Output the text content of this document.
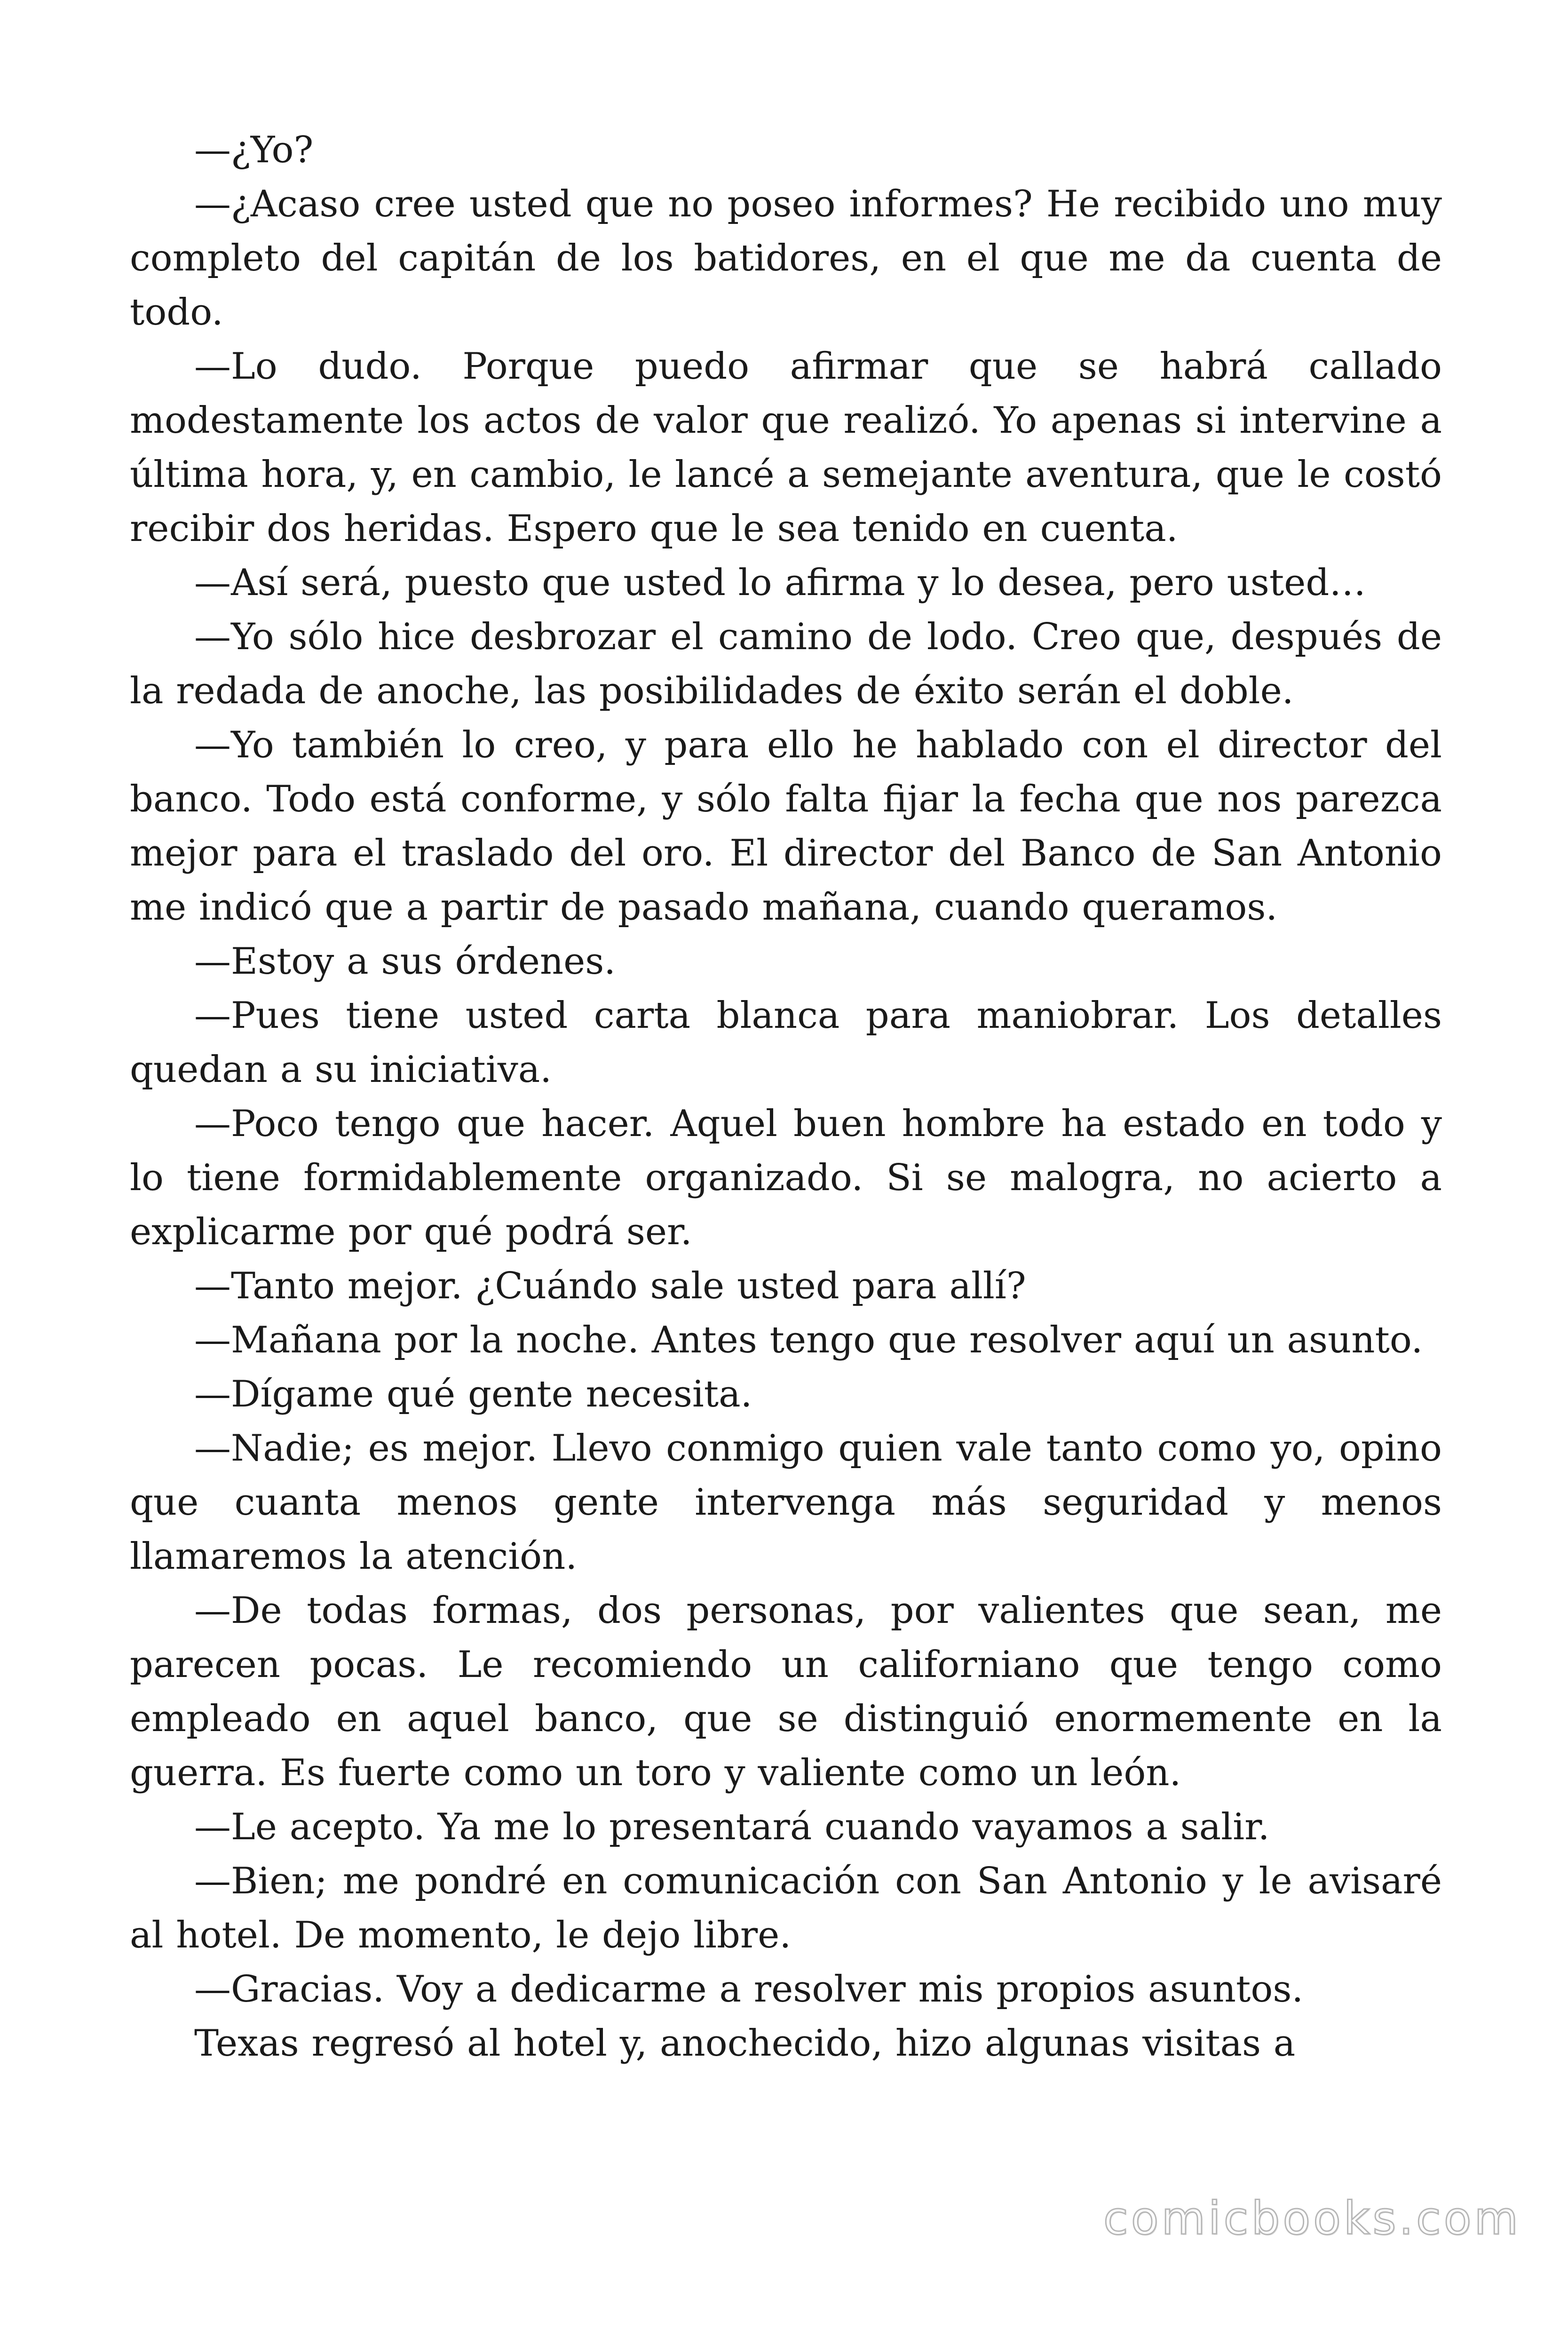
—¿Yo?

—¿Acaso cree usted que no poseo informes? He recibido uno muy completo del capitán de los batidores, en el que me da cuenta de todo.

—Lo dudo. Porque puedo afirmar que se habrá callado modestamente los actos de valor que realizó. Yo apenas si intervine a última hora, y, en cambio, le lancé a semejante aventura, que le costó recibir dos heridas. Espero que le sea tenido en cuenta.

—Así será, puesto que usted lo afirma y lo desea, pero usted…

—Yo sólo hice desbrozar el camino de lodo. Creo que, después de la redada de anoche, las posibilidades de éxito serán el doble.

—Yo también lo creo, y para ello he hablado con el director del banco. Todo está conforme, y sólo falta fijar la fecha que nos parezca mejor para el traslado del oro. El director del Banco de San Antonio me indicó que a partir de pasado mañana, cuando queramos.

—Estoy a sus órdenes.

—Pues tiene usted carta blanca para maniobrar. Los detalles quedan a su iniciativa.

—Poco tengo que hacer. Aquel buen hombre ha estado en todo y lo tiene formidablemente organizado. Si se malogra, no acierto a explicarme por qué podrá ser.

—Tanto mejor. ¿Cuándo sale usted para allí?

—Mañana por la noche. Antes tengo que resolver aquí un asunto.

—Dígame qué gente necesita.

—Nadie; es mejor. Llevo conmigo quien vale tanto como yo, opino que cuanta menos gente intervenga más seguridad y menos llamaremos la atención.

—De todas formas, dos personas, por valientes que sean, me parecen pocas. Le recomiendo un californiano que tengo como empleado en aquel banco, que se distinguió enormemente en la guerra. Es fuerte como un toro y valiente como un león.

—Le acepto. Ya me lo presentará cuando vayamos a salir.

—Bien; me pondré en comunicación con San Antonio y le avisaré al hotel. De momento, le dejo libre.

—Gracias. Voy a dedicarme a resolver mis propios asuntos.

Texas regresó al hotel y, anochecido, hizo algunas visitas a

comicbooks.com
